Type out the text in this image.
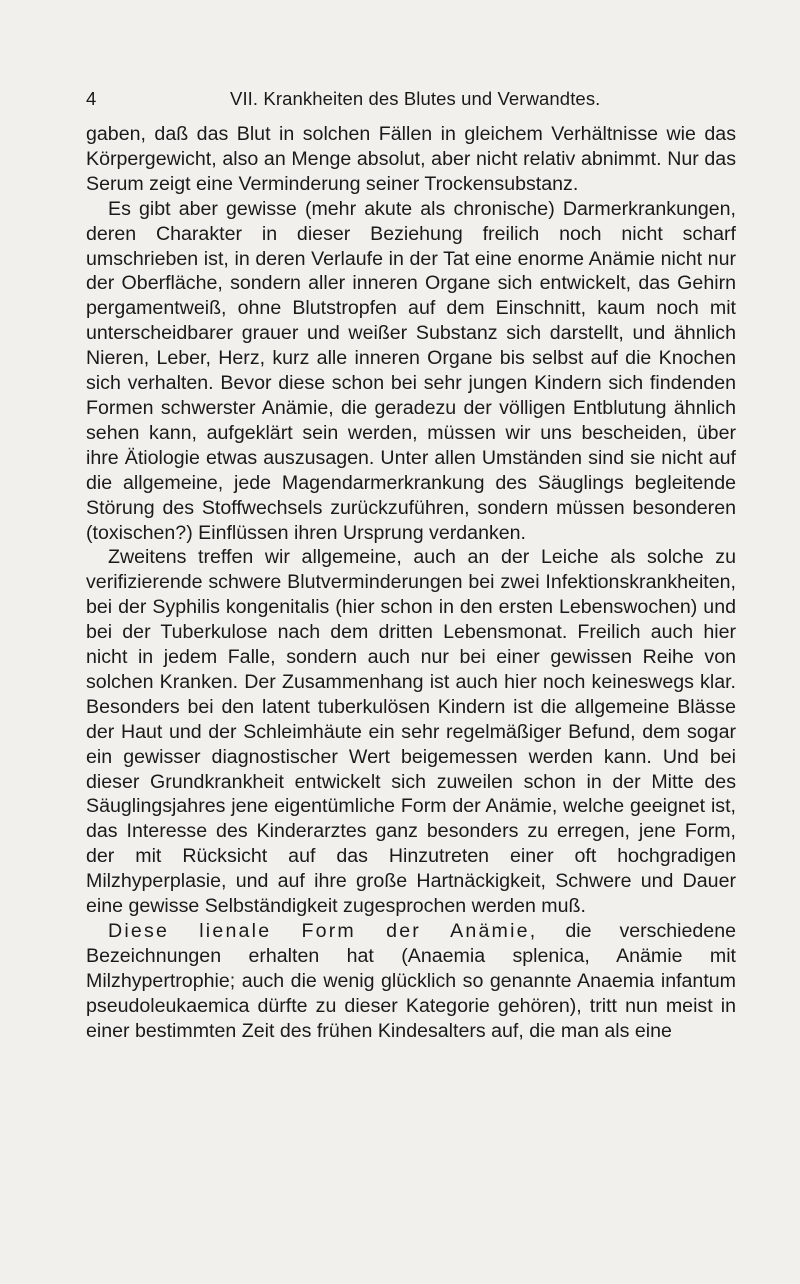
4	VII. Krankheiten des Blutes und Verwandtes.

gaben, daß das Blut in solchen Fällen in gleichem Verhältnisse wie das Körpergewicht, also an Menge absolut, aber nicht relativ abnimmt. Nur das Serum zeigt eine Verminderung seiner Trockensubstanz.

Es gibt aber gewisse (mehr akute als chronische) Darmerkrankungen, deren Charakter in dieser Beziehung freilich noch nicht scharf umschrieben ist, in deren Verlaufe in der Tat eine enorme Anämie nicht nur der Oberfläche, sondern aller inneren Organe sich entwickelt, das Gehirn pergamentweiß, ohne Blutstropfen auf dem Einschnitt, kaum noch mit unterscheidbarer grauer und weißer Substanz sich darstellt, und ähnlich Nieren, Leber, Herz, kurz alle inneren Organe bis selbst auf die Knochen sich verhalten. Bevor diese schon bei sehr jungen Kindern sich findenden Formen schwerster Anämie, die geradezu der völligen Entblutung ähnlich sehen kann, aufgeklärt sein werden, müssen wir uns bescheiden, über ihre Ätiologie etwas auszusagen. Unter allen Umständen sind sie nicht auf die allgemeine, jede Magendarmerkrankung des Säuglings begleitende Störung des Stoffwechsels zurückzuführen, sondern müssen besonderen (toxischen?) Einflüssen ihren Ursprung verdanken.

Zweitens treffen wir allgemeine, auch an der Leiche als solche zu verifizierende schwere Blutverminderungen bei zwei Infektionskrankheiten, bei der Syphilis kongenitalis (hier schon in den ersten Lebenswochen) und bei der Tuberkulose nach dem dritten Lebensmonat. Freilich auch hier nicht in jedem Falle, sondern auch nur bei einer gewissen Reihe von solchen Kranken. Der Zusammenhang ist auch hier noch keineswegs klar. Besonders bei den latent tuberkulösen Kindern ist die allgemeine Blässe der Haut und der Schleimhäute ein sehr regelmäßiger Befund, dem sogar ein gewisser diagnostischer Wert beigemessen werden kann. Und bei dieser Grundkrankheit entwickelt sich zuweilen schon in der Mitte des Säuglingsjahres jene eigentümliche Form der Anämie, welche geeignet ist, das Interesse des Kinderarztes ganz besonders zu erregen, jene Form, der mit Rücksicht auf das Hinzutreten einer oft hochgradigen Milzhyperplasie, und auf ihre große Hartnäckigkeit, Schwere und Dauer eine gewisse Selbständigkeit zugesprochen werden muß.

Diese lienale Form der Anämie, die verschiedene Bezeichnungen erhalten hat (Anaemia splenica, Anämie mit Milzhypertrophie; auch die wenig glücklich so genannte Anaemia infantum pseudoleukaemica dürfte zu dieser Kategorie gehören), tritt nun meist in einer bestimmten Zeit des frühen Kindesalters auf, die man als eine
